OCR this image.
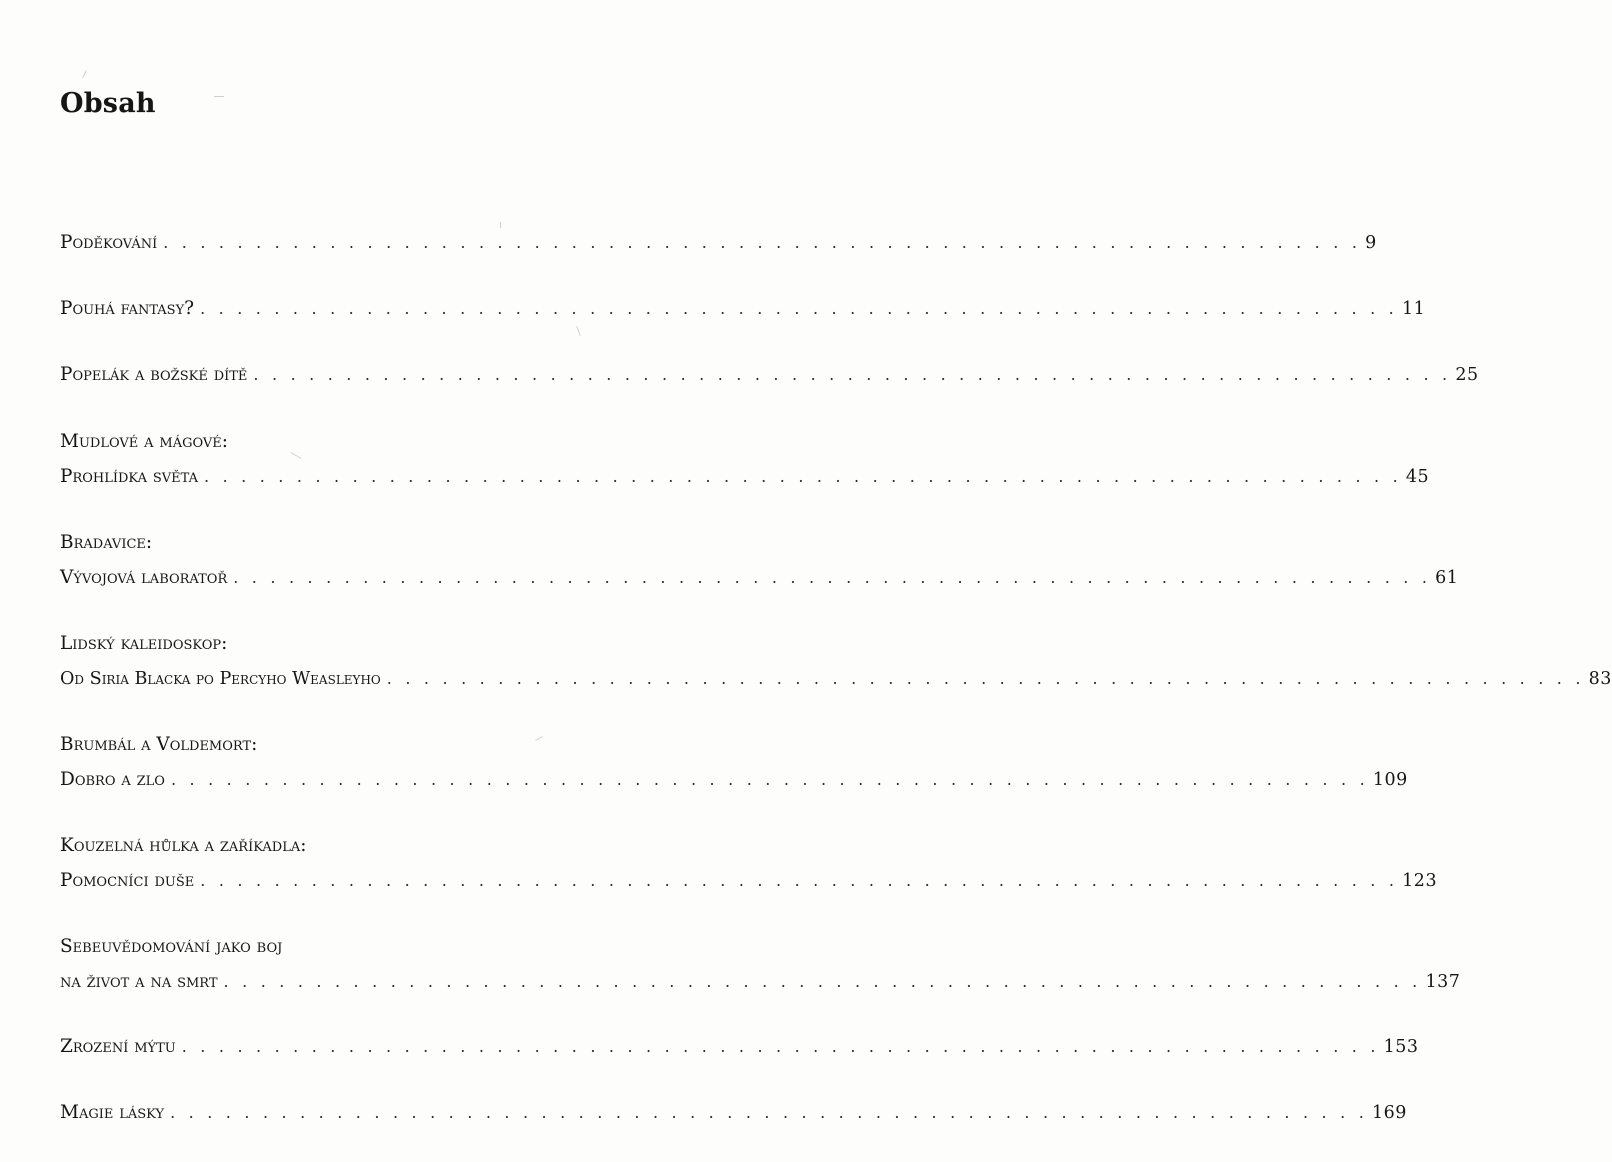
Obsah
Poděkování . . . . . . . . . . . . . . . . . . . . . . . . . . . . . . . . . . . . . . . . . . . . . . . . . . . . . . . . . . . . . . . . . 9
Pouhá fantasy? . . . . . . . . . . . . . . . . . . . . . . . . . . . . . . . . . . . . . . . . . . . . . . . . . . . . . . . . . . . . . . . . . 11
Popelák a božské dítě . . . . . . . . . . . . . . . . . . . . . . . . . . . . . . . . . . . . . . . . . . . . . . . . . . . . . . . . . . . . . . . . . 25
Mudlové a mágové:
Prohlídka světa . . . . . . . . . . . . . . . . . . . . . . . . . . . . . . . . . . . . . . . . . . . . . . . . . . . . . . . . . . . . . . . . . 45
Bradavice:
Vývojová laboratoř . . . . . . . . . . . . . . . . . . . . . . . . . . . . . . . . . . . . . . . . . . . . . . . . . . . . . . . . . . . . . . . . . 61
Lidský kaleidoskop:
Od Siria Blacka po Percyho Weasleyho . . . . . . . . . . . . . . . . . . . . . . . . . . . . . . . . . . . . . . . . . . . . . . . . . . . . . . . . . . . . . . . . . 83
Brumbál a Voldemort:
Dobro a zlo . . . . . . . . . . . . . . . . . . . . . . . . . . . . . . . . . . . . . . . . . . . . . . . . . . . . . . . . . . . . . . . . . 109
Kouzelná hůlka a zaříkadla:
Pomocníci duše . . . . . . . . . . . . . . . . . . . . . . . . . . . . . . . . . . . . . . . . . . . . . . . . . . . . . . . . . . . . . . . . . 123
Sebeuvědomování jako boj
na život a na smrt . . . . . . . . . . . . . . . . . . . . . . . . . . . . . . . . . . . . . . . . . . . . . . . . . . . . . . . . . . . . . . . . . 137
Zrození mýtu . . . . . . . . . . . . . . . . . . . . . . . . . . . . . . . . . . . . . . . . . . . . . . . . . . . . . . . . . . . . . . . . . 153
Magie lásky . . . . . . . . . . . . . . . . . . . . . . . . . . . . . . . . . . . . . . . . . . . . . . . . . . . . . . . . . . . . . . . . . 169
